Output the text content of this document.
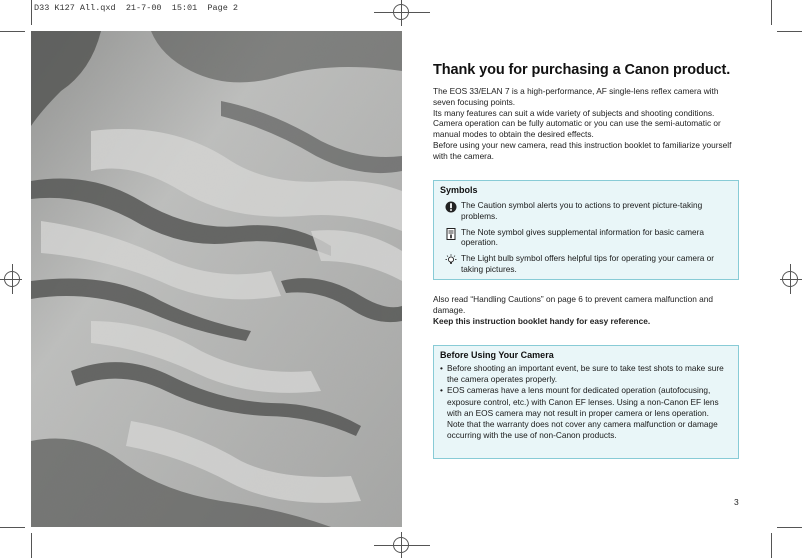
D33 K127 All.qxd  21-7-00  15:01  Page 2
Thank you for purchasing a Canon product.

The EOS 33/ELAN 7 is a high-performance, AF single-lens reflex camera with seven focusing points.

Its many features can suit a wide variety of subjects and shooting conditions. Camera operation can be fully automatic or you can use the semi-automatic or manual modes to obtain the desired effects.

Before using your new camera, read this instruction booklet to familiarize yourself with the camera.

Symbols
The Caution symbol alerts you to actions to prevent picture-taking problems.
The Note symbol gives supplemental information for basic camera operation.
The Light bulb symbol offers helpful tips for operating your camera or taking pictures.

Also read “Handling Cautions” on page 6 to prevent camera malfunction and damage.

Keep this instruction booklet handy for easy reference.

Before Using Your Camera
• Before shooting an important event, be sure to take test shots to make sure the camera operates properly.
• EOS cameras have a lens mount for dedicated operation (autofocusing, exposure control, etc.) with Canon EF lenses. Using a non-Canon EF lens with an EOS camera may not result in proper camera or lens operation.
Note that the warranty does not cover any camera malfunction or damage occurring with the use of non-Canon products.
3
